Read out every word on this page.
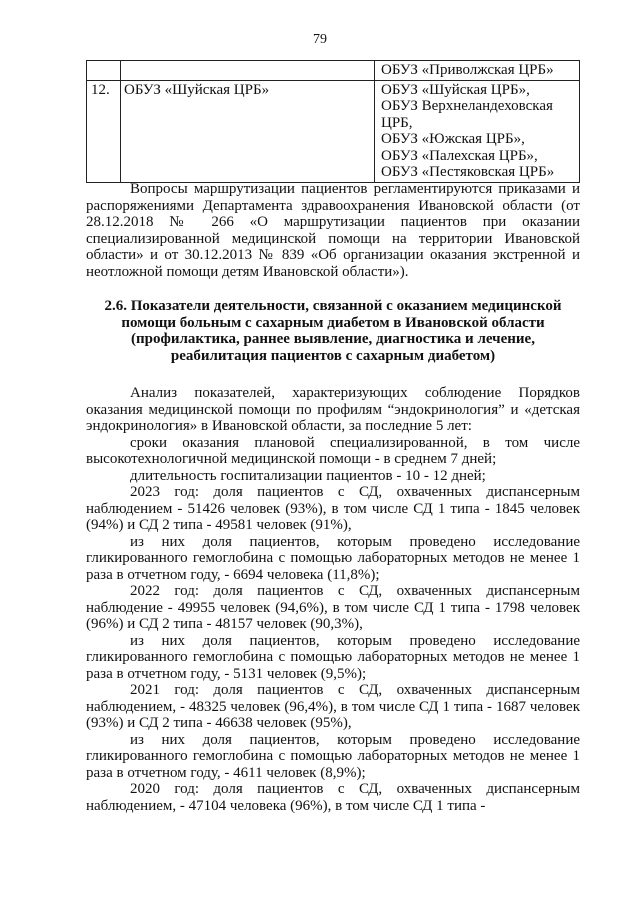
79

		ОБУЗ «Приволжская ЦРБ»

12.	ОБУЗ «Шуйская ЦРБ»	ОБУЗ «Шуйская ЦРБ»,
ОБУЗ Верхнеландеховская ЦРБ,
ОБУЗ «Южская ЦРБ»,
ОБУЗ «Палехская ЦРБ»,
ОБУЗ «Пестяковская ЦРБ»

Вопросы маршрутизации пациентов регламентируются приказами и распоряжениями Департамента здравоохранения Ивановской области (от 28.12.2018 № 266 «О маршрутизации пациентов при оказании специализированной медицинской помощи на территории Ивановской области» и от 30.12.2013 № 839 «Об организации оказания экстренной и неотложной помощи детям Ивановской области»).

2.6. Показатели деятельности, связанной с оказанием медицинской
помощи больным с сахарным диабетом в Ивановской области
(профилактика, раннее выявление, диагностика и лечение,
реабилитация пациентов с сахарным диабетом)

Анализ показателей, характеризующих соблюдение Порядков оказания медицинской помощи по профилям “эндокринология” и «детская эндокринология» в Ивановской области, за последние 5 лет:

сроки оказания плановой специализированной, в том числе высокотехнологичной медицинской помощи - в среднем 7 дней;

длительность госпитализации пациентов - 10 - 12 дней;

2023 год: доля пациентов с СД, охваченных диспансерным наблюдением - 51426 человек (93%), в том числе СД 1 типа - 1845 человек (94%) и СД 2 типа - 49581 человек (91%),

из них доля пациентов, которым проведено исследование гликированного гемоглобина с помощью лабораторных методов не менее 1 раза в отчетном году, - 6694 человека (11,8%);

2022 год: доля пациентов с СД, охваченных диспансерным наблюдение - 49955 человек (94,6%), в том числе СД 1 типа - 1798 человек (96%) и СД 2 типа - 48157 человек (90,3%),

из них доля пациентов, которым проведено исследование гликированного гемоглобина с помощью лабораторных методов не менее 1 раза в отчетном году, - 5131 человек (9,5%);

2021 год: доля пациентов с СД, охваченных диспансерным наблюдением, - 48325 человек (96,4%), в том числе СД 1 типа - 1687 человек (93%) и СД 2 типа - 46638 человек (95%),

из них доля пациентов, которым проведено исследование гликированного гемоглобина с помощью лабораторных методов не менее 1 раза в отчетном году, - 4611 человек (8,9%);

2020 год: доля пациентов с СД, охваченных диспансерным наблюдением, - 47104 человека (96%), в том числе СД 1 типа -
